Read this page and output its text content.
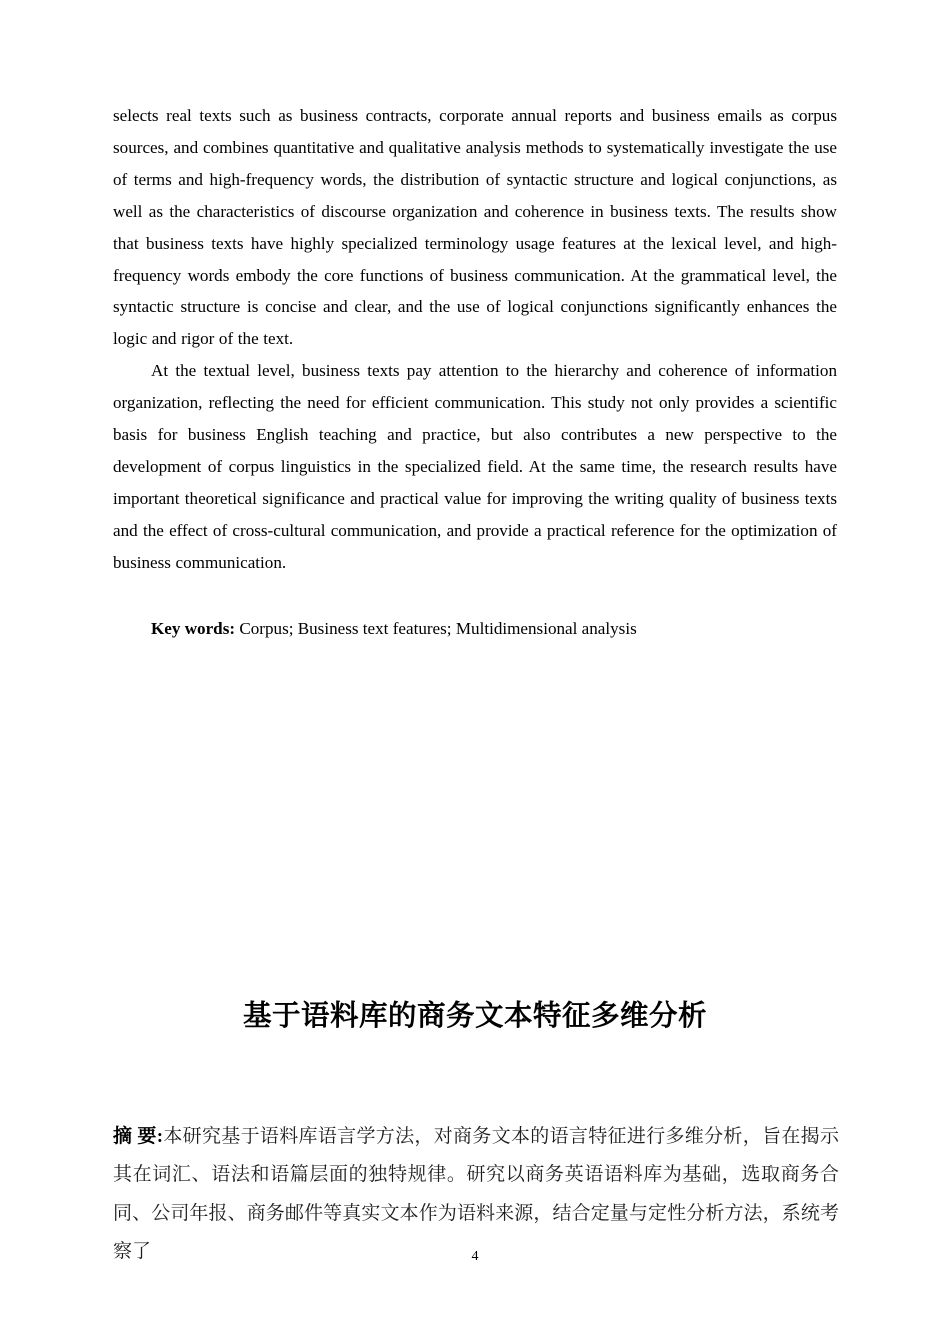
selects real texts such as business contracts, corporate annual reports and business emails as corpus sources, and combines quantitative and qualitative analysis methods to systematically investigate the use of terms and high-frequency words, the distribution of syntactic structure and logical conjunctions, as well as the characteristics of discourse organization and coherence in business texts. The results show that business texts have highly specialized terminology usage features at the lexical level, and high-frequency words embody the core functions of business communication. At the grammatical level, the syntactic structure is concise and clear, and the use of logical conjunctions significantly enhances the logic and rigor of the text.

At the textual level, business texts pay attention to the hierarchy and coherence of information organization, reflecting the need for efficient communication. This study not only provides a scientific basis for business English teaching and practice, but also contributes a new perspective to the development of corpus linguistics in the specialized field. At the same time, the research results have important theoretical significance and practical value for improving the writing quality of business texts and the effect of cross-cultural communication, and provide a practical reference for the optimization of business communication.

Key words: Corpus; Business text features; Multidimensional analysis

基于语料库的商务文本特征多维分析

摘 要:本研究基于语料库语言学方法，对商务文本的语言特征进行多维分析，旨在揭示其在词汇、语法和语篇层面的独特规律。研究以商务英语语料库为基础，选取商务合同、公司年报、商务邮件等真实文本作为语料来源，结合定量与定性分析方法，系统考察了	4
